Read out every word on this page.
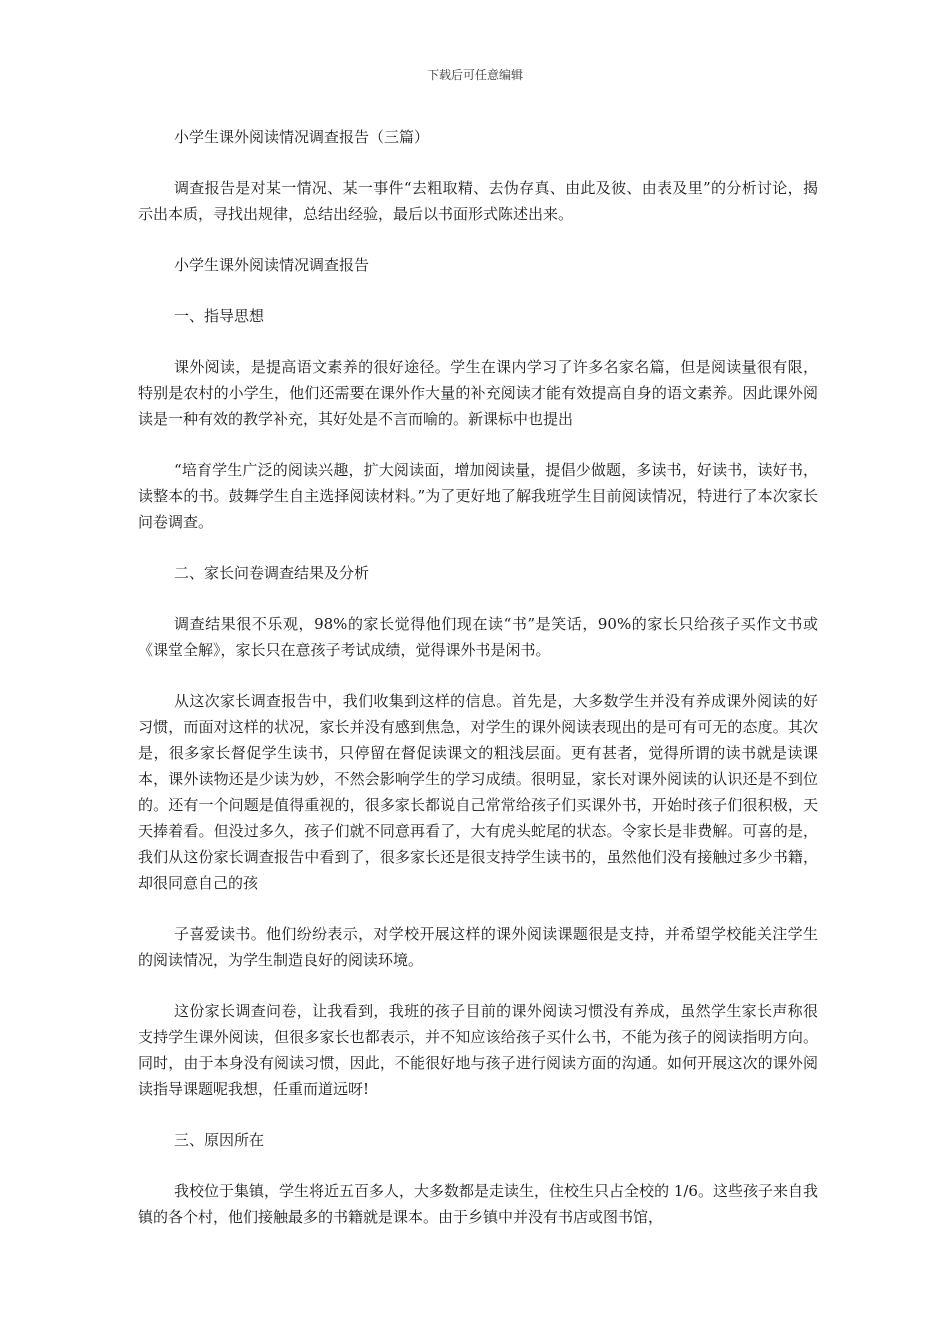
下载后可任意编辑

小学生课外阅读情况调查报告（三篇）

调查报告是对某一情况、某一事件“去粗取精、去伪存真、由此及彼、由表及里”的分析讨论，揭示出本质，寻找出规律，总结出经验，最后以书面形式陈述出来。

小学生课外阅读情况调查报告

一、指导思想

课外阅读，是提高语文素养的很好途径。学生在课内学习了许多名家名篇，但是阅读量很有限，特别是农村的小学生，他们还需要在课外作大量的补充阅读才能有效提高自身的语文素养。因此课外阅读是一种有效的教学补充，其好处是不言而喻的。新课标中也提出

“培育学生广泛的阅读兴趣，扩大阅读面，增加阅读量，提倡少做题，多读书，好读书，读好书，读整本的书。鼓舞学生自主选择阅读材料。”为了更好地了解我班学生目前阅读情况，特进行了本次家长问卷调查。

二、家长问卷调查结果及分析

调查结果很不乐观，98%的家长觉得他们现在读“书”是笑话，90%的家长只给孩子买作文书或《课堂全解》，家长只在意孩子考试成绩，觉得课外书是闲书。

从这次家长调查报告中，我们收集到这样的信息。首先是，大多数学生并没有养成课外阅读的好习惯，而面对这样的状况，家长并没有感到焦急，对学生的课外阅读表现出的是可有可无的态度。其次是，很多家长督促学生读书，只停留在督促读课文的粗浅层面。更有甚者，觉得所谓的读书就是读课本，课外读物还是少读为妙，不然会影响学生的学习成绩。很明显，家长对课外阅读的认识还是不到位的。还有一个问题是值得重视的，很多家长都说自己常常给孩子们买课外书，开始时孩子们很积极，天天捧着看。但没过多久，孩子们就不同意再看了，大有虎头蛇尾的状态。令家长是非费解。可喜的是，我们从这份家长调查报告中看到了，很多家长还是很支持学生读书的，虽然他们没有接触过多少书籍，却很同意自己的孩

子喜爱读书。他们纷纷表示，对学校开展这样的课外阅读课题很是支持，并希望学校能关注学生的阅读情况，为学生制造良好的阅读环境。

这份家长调查问卷，让我看到，我班的孩子目前的课外阅读习惯没有养成，虽然学生家长声称很支持学生课外阅读，但很多家长也都表示，并不知应该给孩子买什么书，不能为孩子的阅读指明方向。同时，由于本身没有阅读习惯，因此，不能很好地与孩子进行阅读方面的沟通。如何开展这次的课外阅读指导课题呢我想，任重而道远呀!

三、原因所在

我校位于集镇，学生将近五百多人，大多数都是走读生，住校生只占全校的 1/6。这些孩子来自我镇的各个村，他们接触最多的书籍就是课本。由于乡镇中并没有书店或图书馆，
